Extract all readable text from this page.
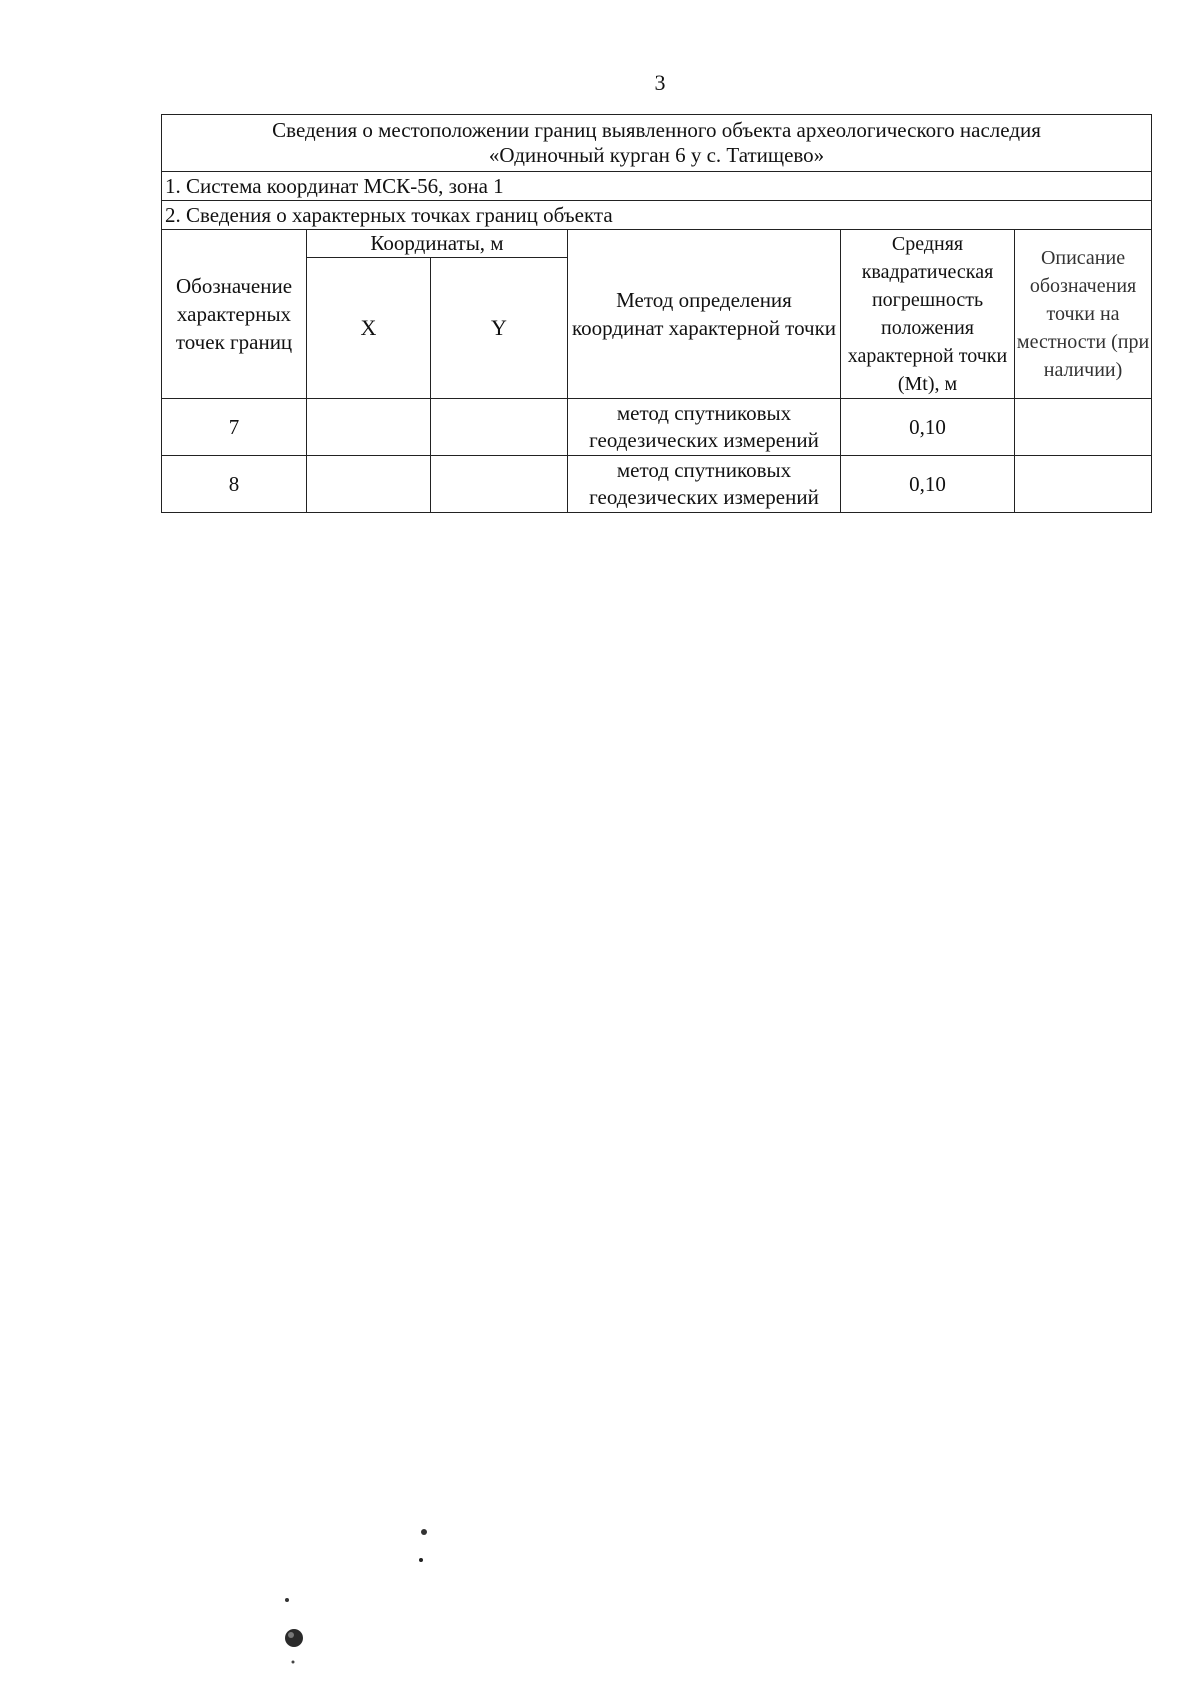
3
Сведения о местоположении границ выявленного объекта археологического наследия
«Одиночный курган 6 у с. Татищево»					

1. Система координат МСК-56, зона 1					
2. Сведения о характерных точках границ объекта					
Обозначение характерных точек границ	Координаты, м		Метод определения координат характерной точки	Средняя квадратическая погрешность положения характерной точки (Mt), м	Описание обозначения точки на местности (при наличии)
	X	Y			
7			метод спутниковых геодезических измерений	0,10	
8			метод спутниковых геодезических измерений	0,10	
